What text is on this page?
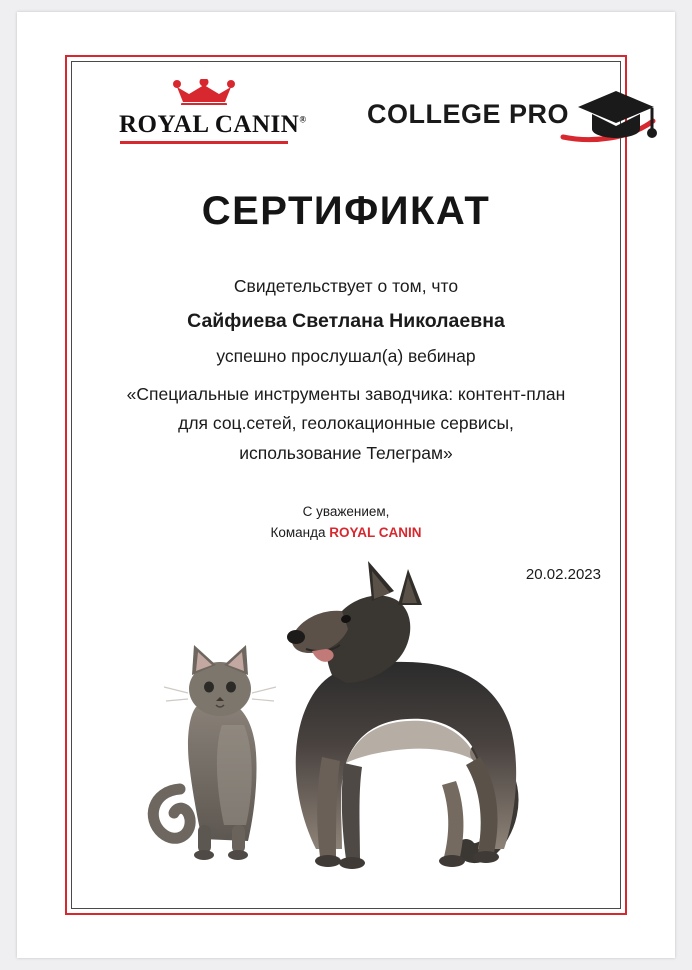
ROYAL CANIN® COLLEGE PRO
СЕРТИФИКАТ
Свидетельствует о том, что
Сайфиева Светлана Николаевна
успешно прослушал(а) вебинар
«Специальные инструменты заводчика: контент-план
для соц.сетей, геолокационные сервисы,
использование Телеграм»
С уважением,
Команда ROYAL CANIN
20.02.2023
